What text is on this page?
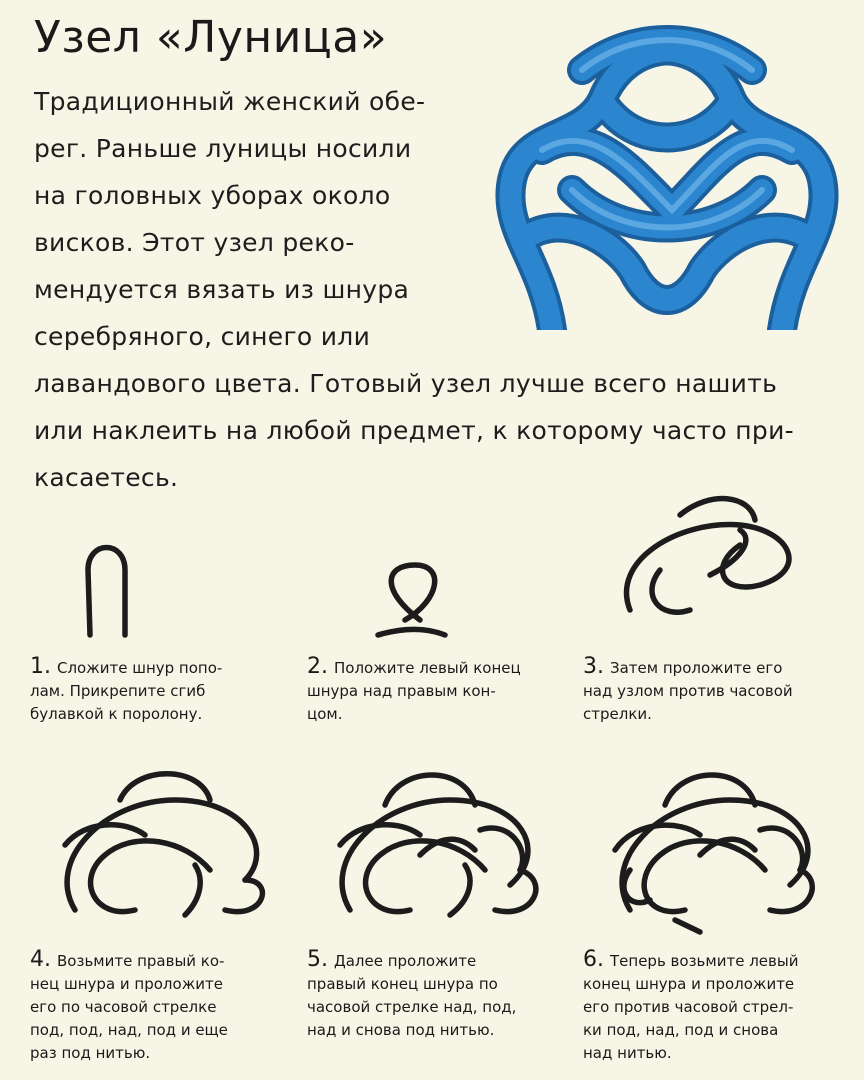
Узел «Луница»
Традиционный женский обе-
рег. Раньше луницы носили
на головных уборах около
висков. Этот узел реко-
мендуется вязать из шнура
серебряного, синего или
лавандового цвета. Готовый узел лучше всего нашить
или наклеить на любой предмет, к которому часто при-
касаетесь.
1. Сложите шнур попо-
лам. Прикрепите сгиб
булавкой к поролону.
2. Положите левый конец
шнура над правым кон-
цом.
3. Затем проложите его
над узлом против часовой
стрелки.
4. Возьмите правый ко-
нец шнура и проложите
его по часовой стрелке
под, под, над, под и еще
раз под нитью.
5. Далее проложите
правый конец шнура по
часовой стрелке над, под,
над и снова под нитью.
6. Теперь возьмите левый
конец шнура и проложите
его против часовой стрел-
ки под, над, под и снова
над нитью.
